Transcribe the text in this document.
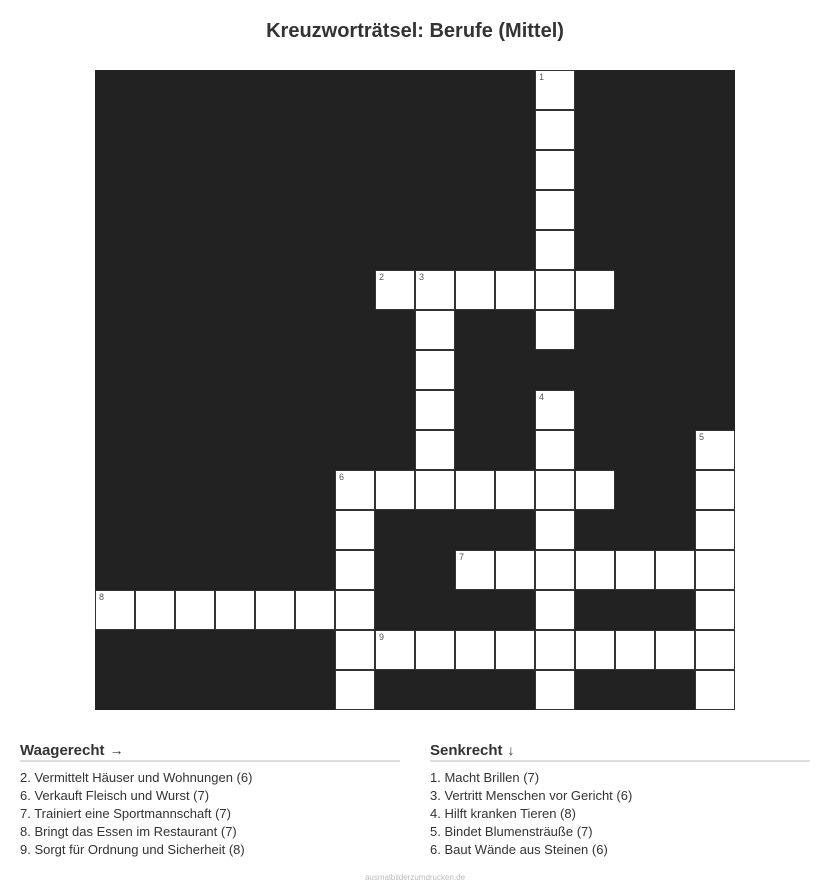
Kreuzworträtsel: Berufe (Mittel)
1
2	3
4
5
6
7
8
9
Waagerecht →
2. Vermittelt Häuser und Wohnungen (6)
6. Verkauft Fleisch und Wurst (7)
7. Trainiert eine Sportmannschaft (7)
8. Bringt das Essen im Restaurant (7)
9. Sorgt für Ordnung und Sicherheit (8)
Senkrecht ↓
1. Macht Brillen (7)
3. Vertritt Menschen vor Gericht (6)
4. Hilft kranken Tieren (8)
5. Bindet Blumensträuße (7)
6. Baut Wände aus Steinen (6)
ausmalbilderzumdrucken.de
